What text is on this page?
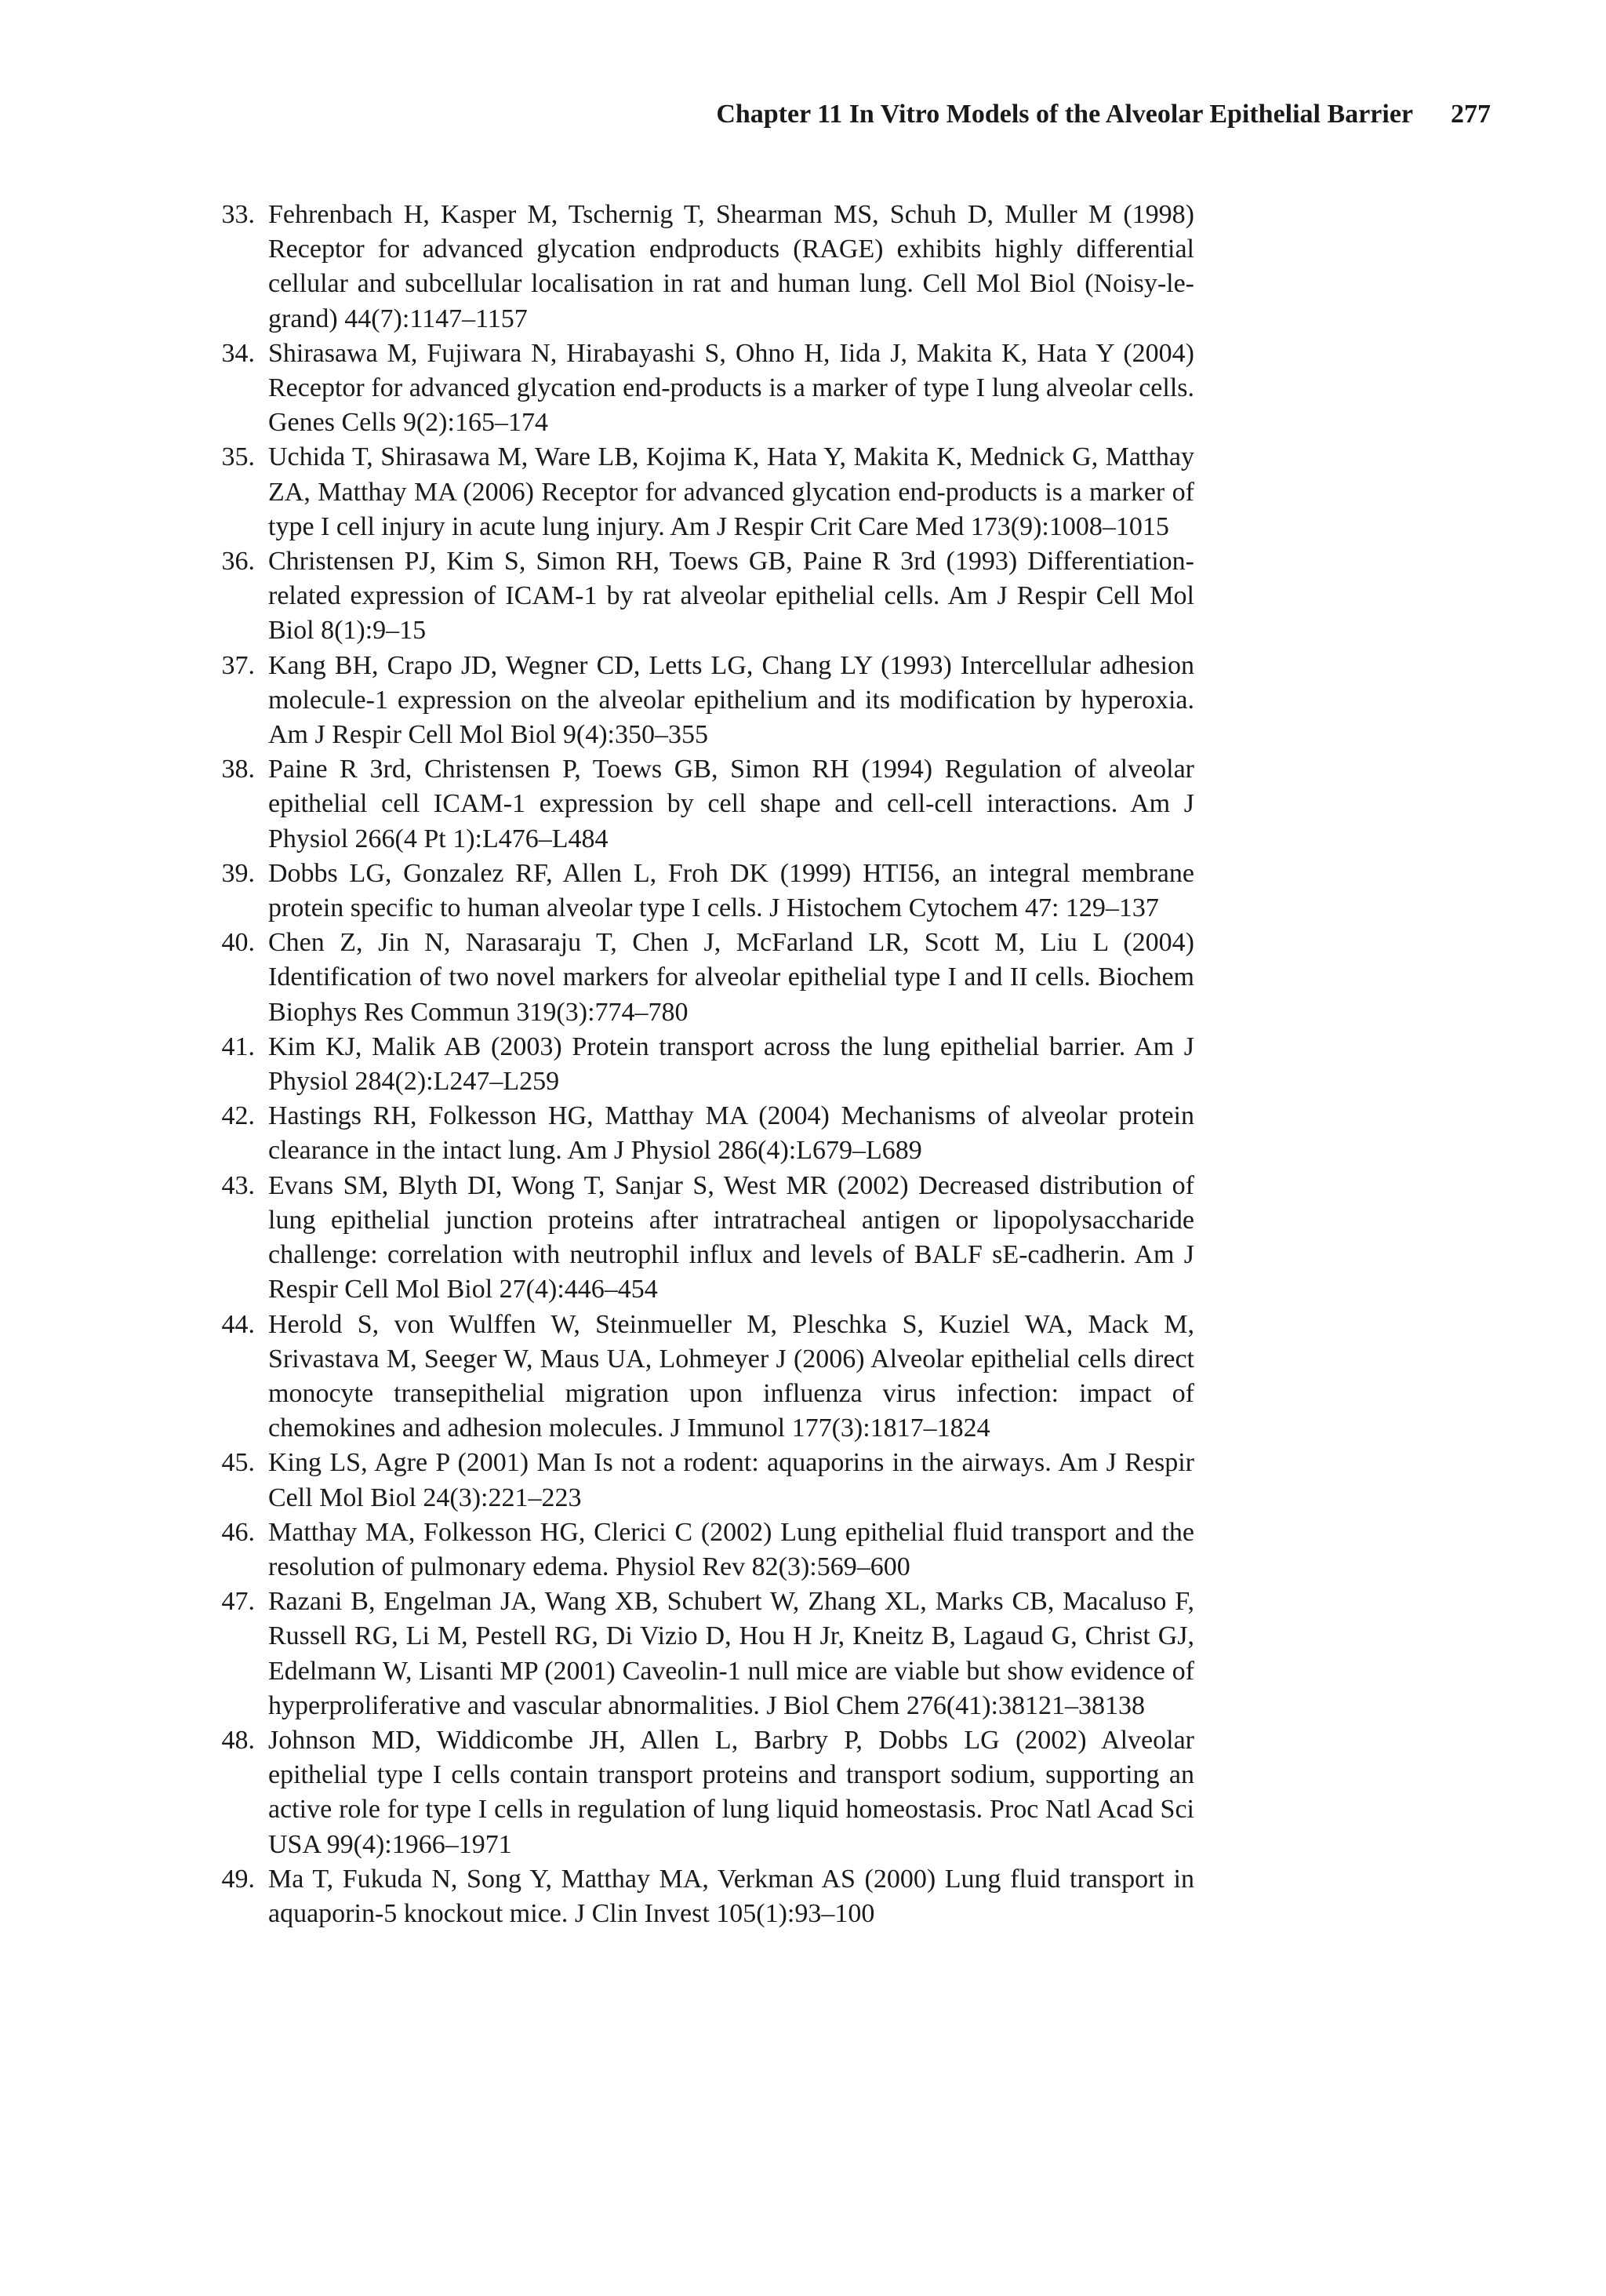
Chapter 11 In Vitro Models of the Alveolar Epithelial Barrier 277
33. Fehrenbach H, Kasper M, Tschernig T, Shearman MS, Schuh D, Muller M (1998) Receptor for advanced glycation endproducts (RAGE) exhibits highly differential cellular and subcellular localisation in rat and human lung. Cell Mol Biol (Noisy-le-grand) 44(7):1147–1157
34. Shirasawa M, Fujiwara N, Hirabayashi S, Ohno H, Iida J, Makita K, Hata Y (2004) Receptor for advanced glycation end-products is a marker of type I lung alveolar cells. Genes Cells 9(2):165–174
35. Uchida T, Shirasawa M, Ware LB, Kojima K, Hata Y, Makita K, Mednick G, Matthay ZA, Matthay MA (2006) Receptor for advanced glycation end-products is a marker of type I cell injury in acute lung injury. Am J Respir Crit Care Med 173(9):1008–1015
36. Christensen PJ, Kim S, Simon RH, Toews GB, Paine R 3rd (1993) Differentiation-related expression of ICAM-1 by rat alveolar epithelial cells. Am J Respir Cell Mol Biol 8(1):9–15
37. Kang BH, Crapo JD, Wegner CD, Letts LG, Chang LY (1993) Intercellular adhesion molecule-1 expression on the alveolar epithelium and its modification by hyperoxia. Am J Respir Cell Mol Biol 9(4):350–355
38. Paine R 3rd, Christensen P, Toews GB, Simon RH (1994) Regulation of alveolar epithelial cell ICAM-1 expression by cell shape and cell-cell interactions. Am J Physiol 266(4 Pt 1):L476–L484
39. Dobbs LG, Gonzalez RF, Allen L, Froh DK (1999) HTI56, an integral membrane protein specific to human alveolar type I cells. J Histochem Cytochem 47: 129–137
40. Chen Z, Jin N, Narasaraju T, Chen J, McFarland LR, Scott M, Liu L (2004) Identification of two novel markers for alveolar epithelial type I and II cells. Biochem Biophys Res Commun 319(3):774–780
41. Kim KJ, Malik AB (2003) Protein transport across the lung epithelial barrier. Am J Physiol 284(2):L247–L259
42. Hastings RH, Folkesson HG, Matthay MA (2004) Mechanisms of alveolar protein clearance in the intact lung. Am J Physiol 286(4):L679–L689
43. Evans SM, Blyth DI, Wong T, Sanjar S, West MR (2002) Decreased distribution of lung epithelial junction proteins after intratracheal antigen or lipopolysaccharide challenge: correlation with neutrophil influx and levels of BALF sE-cadherin. Am J Respir Cell Mol Biol 27(4):446–454
44. Herold S, von Wulffen W, Steinmueller M, Pleschka S, Kuziel WA, Mack M, Srivastava M, Seeger W, Maus UA, Lohmeyer J (2006) Alveolar epithelial cells direct monocyte transepithelial migration upon influenza virus infection: impact of chemokines and adhesion molecules. J Immunol 177(3):1817–1824
45. King LS, Agre P (2001) Man Is not a rodent: aquaporins in the airways. Am J Respir Cell Mol Biol 24(3):221–223
46. Matthay MA, Folkesson HG, Clerici C (2002) Lung epithelial fluid transport and the resolution of pulmonary edema. Physiol Rev 82(3):569–600
47. Razani B, Engelman JA, Wang XB, Schubert W, Zhang XL, Marks CB, Macaluso F, Russell RG, Li M, Pestell RG, Di Vizio D, Hou H Jr, Kneitz B, Lagaud G, Christ GJ, Edelmann W, Lisanti MP (2001) Caveolin-1 null mice are viable but show evidence of hyperproliferative and vascular abnormalities. J Biol Chem 276(41):38121–38138
48. Johnson MD, Widdicombe JH, Allen L, Barbry P, Dobbs LG (2002) Alveolar epithelial type I cells contain transport proteins and transport sodium, supporting an active role for type I cells in regulation of lung liquid homeostasis. Proc Natl Acad Sci USA 99(4):1966–1971
49. Ma T, Fukuda N, Song Y, Matthay MA, Verkman AS (2000) Lung fluid transport in aquaporin-5 knockout mice. J Clin Invest 105(1):93–100
